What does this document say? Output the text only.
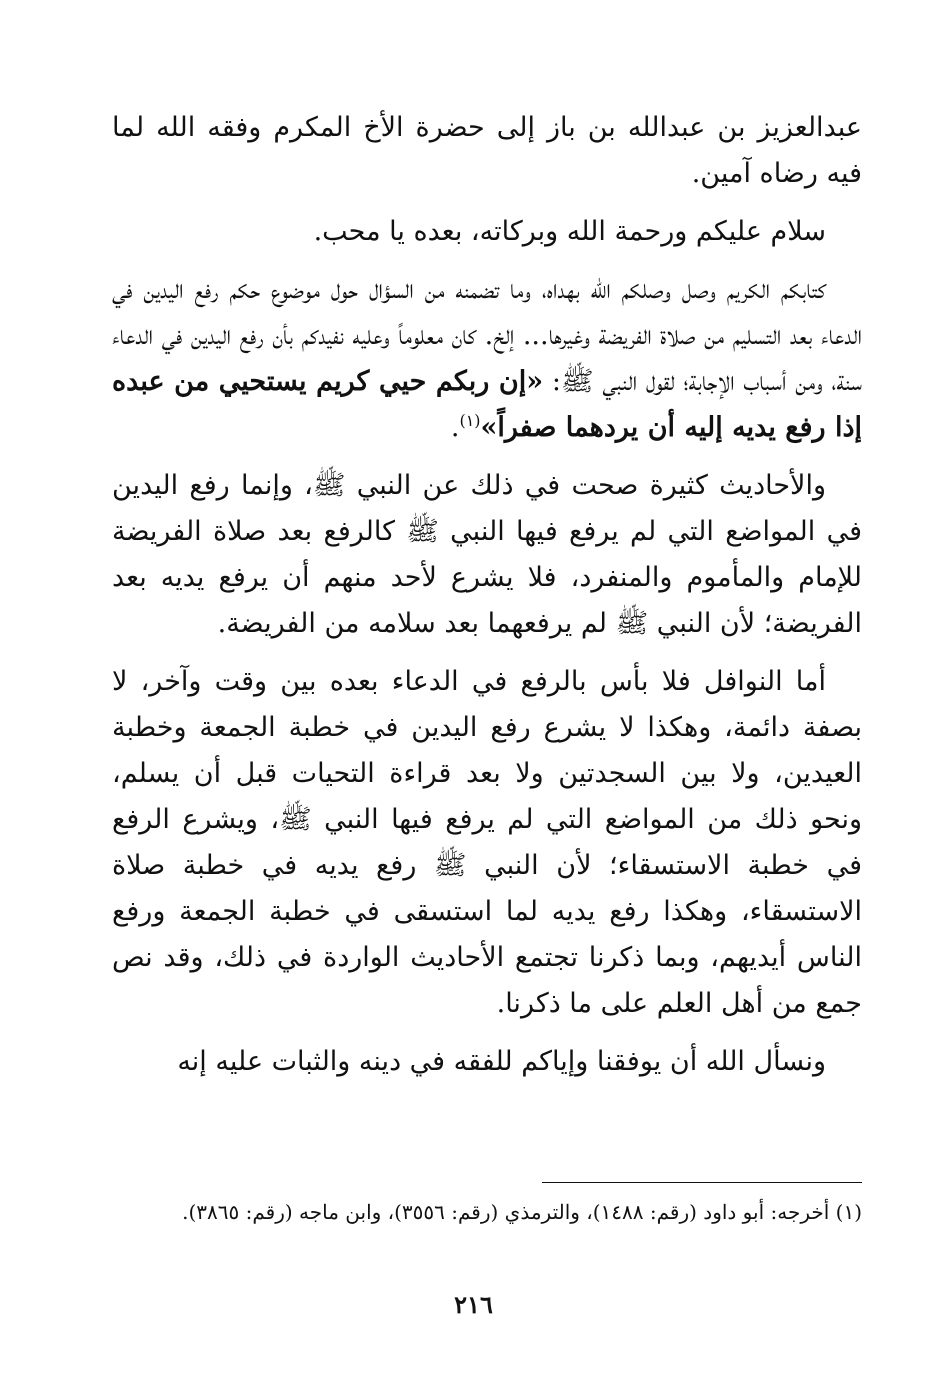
عبدالعزيز بن عبدالله بن باز إلى حضرة الأخ المكرم وفقه الله لما فيه رضاه آمين.

سلام عليكم ورحمة الله وبركاته، بعده يا محب.

كتابكم الكريم وصل وصلكم الله بهداه، وما تضمنه من السؤال حول موضوع حكم رفع اليدين في الدعاء بعد التسليم من صلاة الفريضة وغيرها... إلخ. كان معلوماً وعليه نفيدكم بأن رفع اليدين في الدعاء سنة، ومن أسباب الإجابة؛ لقول النبي ﷺ: «إن ربكم حيي كريم يستحيي من عبده إذا رفع يديه إليه أن يردهما صفراً»$^{(١)}$.

والأحاديث كثيرة صحت في ذلك عن النبي ﷺ، وإنما رفع اليدين في المواضع التي لم يرفع فيها النبي ﷺ كالرفع بعد صلاة الفريضة للإمام والمأموم والمنفرد، فلا يشرع لأحد منهم أن يرفع يديه بعد الفريضة؛ لأن النبي ﷺ لم يرفعهما بعد سلامه من الفريضة.

أما النوافل فلا بأس بالرفع في الدعاء بعده بين وقت وآخر، لا بصفة دائمة، وهكذا لا يشرع رفع اليدين في خطبة الجمعة وخطبة العيدين، ولا بين السجدتين ولا بعد قراءة التحيات قبل أن يسلم، ونحو ذلك من المواضع التي لم يرفع فيها النبي ﷺ، ويشرع الرفع في خطبة الاستسقاء؛ لأن النبي ﷺ رفع يديه في خطبة صلاة الاستسقاء، وهكذا رفع يديه لما استسقى في خطبة الجمعة ورفع الناس أيديهم، وبما ذكرنا تجتمع الأحاديث الواردة في ذلك، وقد نص جمع من أهل العلم على ما ذكرنا.

ونسأل الله أن يوفقنا وإياكم للفقه في دينه والثبات عليه إنه

(١) أخرجه: أبو داود (رقم: ١٤٨٨)، والترمذي (رقم: ٣٥٥٦)، وابن ماجه (رقم: ٣٨٦٥).
٢١٦
